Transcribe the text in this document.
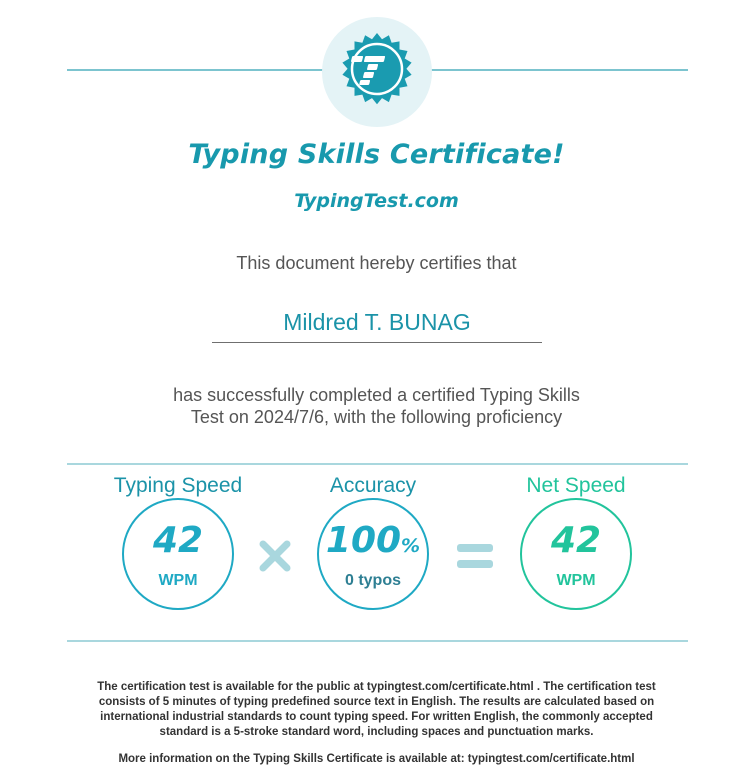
Typing Skills Certificate!
TypingTest.com
This document hereby certifies that
Mildred T. BUNAG
has successfully completed a certified Typing Skills
Test on 2024/7/6, with the following proficiency
Typing Speed
42
WPM
Accuracy
100%
0 typos
Net Speed
42
WPM
The certification test is available for the public at typingtest.com/certificate.html . The certification test
consists of 5 minutes of typing predefined source text in English. The results are calculated based on
international industrial standards to count typing speed. For written English, the commonly accepted
standard is a 5-stroke standard word, including spaces and punctuation marks.
More information on the Typing Skills Certificate is available at: typingtest.com/certificate.html
